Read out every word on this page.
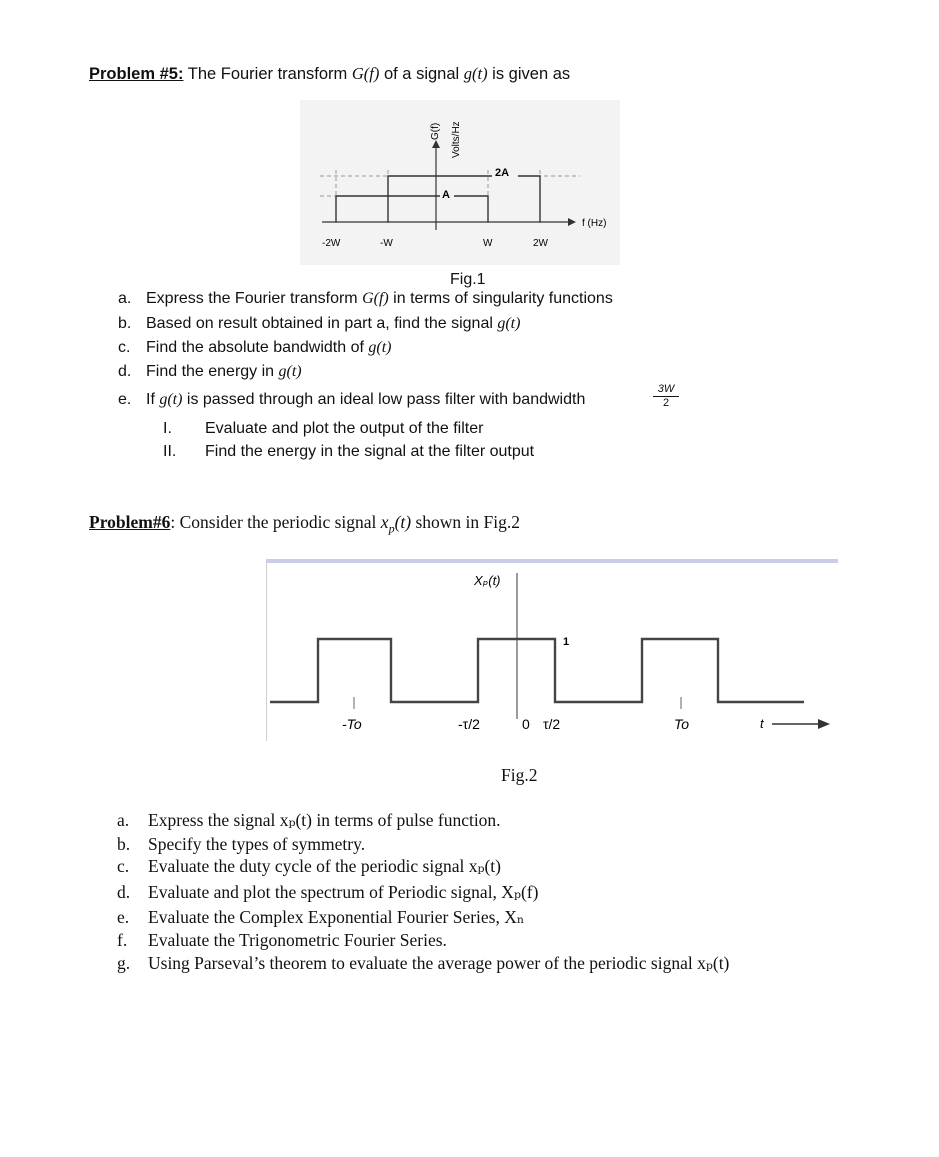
Problem #5: The Fourier transform G(f) of a signal g(t) is given as
G(f) Volts/Hz
2A
A
f (Hz)
-2W	-W	W	2W
Fig.1
a. Express the Fourier transform G(f) in terms of singularity functions
b. Based on result obtained in part a, find the signal g(t)
c. Find the absolute bandwidth of g(t)
d. Find the energy in g(t)
e. If g(t) is passed through an ideal low pass filter with bandwidth	$\frac{3W}{2}$
I. Evaluate and plot the output of the filter
II. Find the energy in the signal at the filter output
Problem#6: Consider the periodic signal $x_p(t)$ shown in Fig.2
Xₚ(t)
1
-To	-τ/2	0 τ/2	To	t
Fig.2
a. Express the signal xₚ(t) in terms of pulse function.
b. Specify the types of symmetry.
c. Evaluate the duty cycle of the periodic signal xₚ(t)
d. Evaluate and plot the spectrum of Periodic signal, Xₚ(f)
e. Evaluate the Complex Exponential Fourier Series, Xₙ
f. Evaluate the Trigonometric Fourier Series.
g. Using Parseval’s theorem to evaluate the average power of the periodic signal xₚ(t)
